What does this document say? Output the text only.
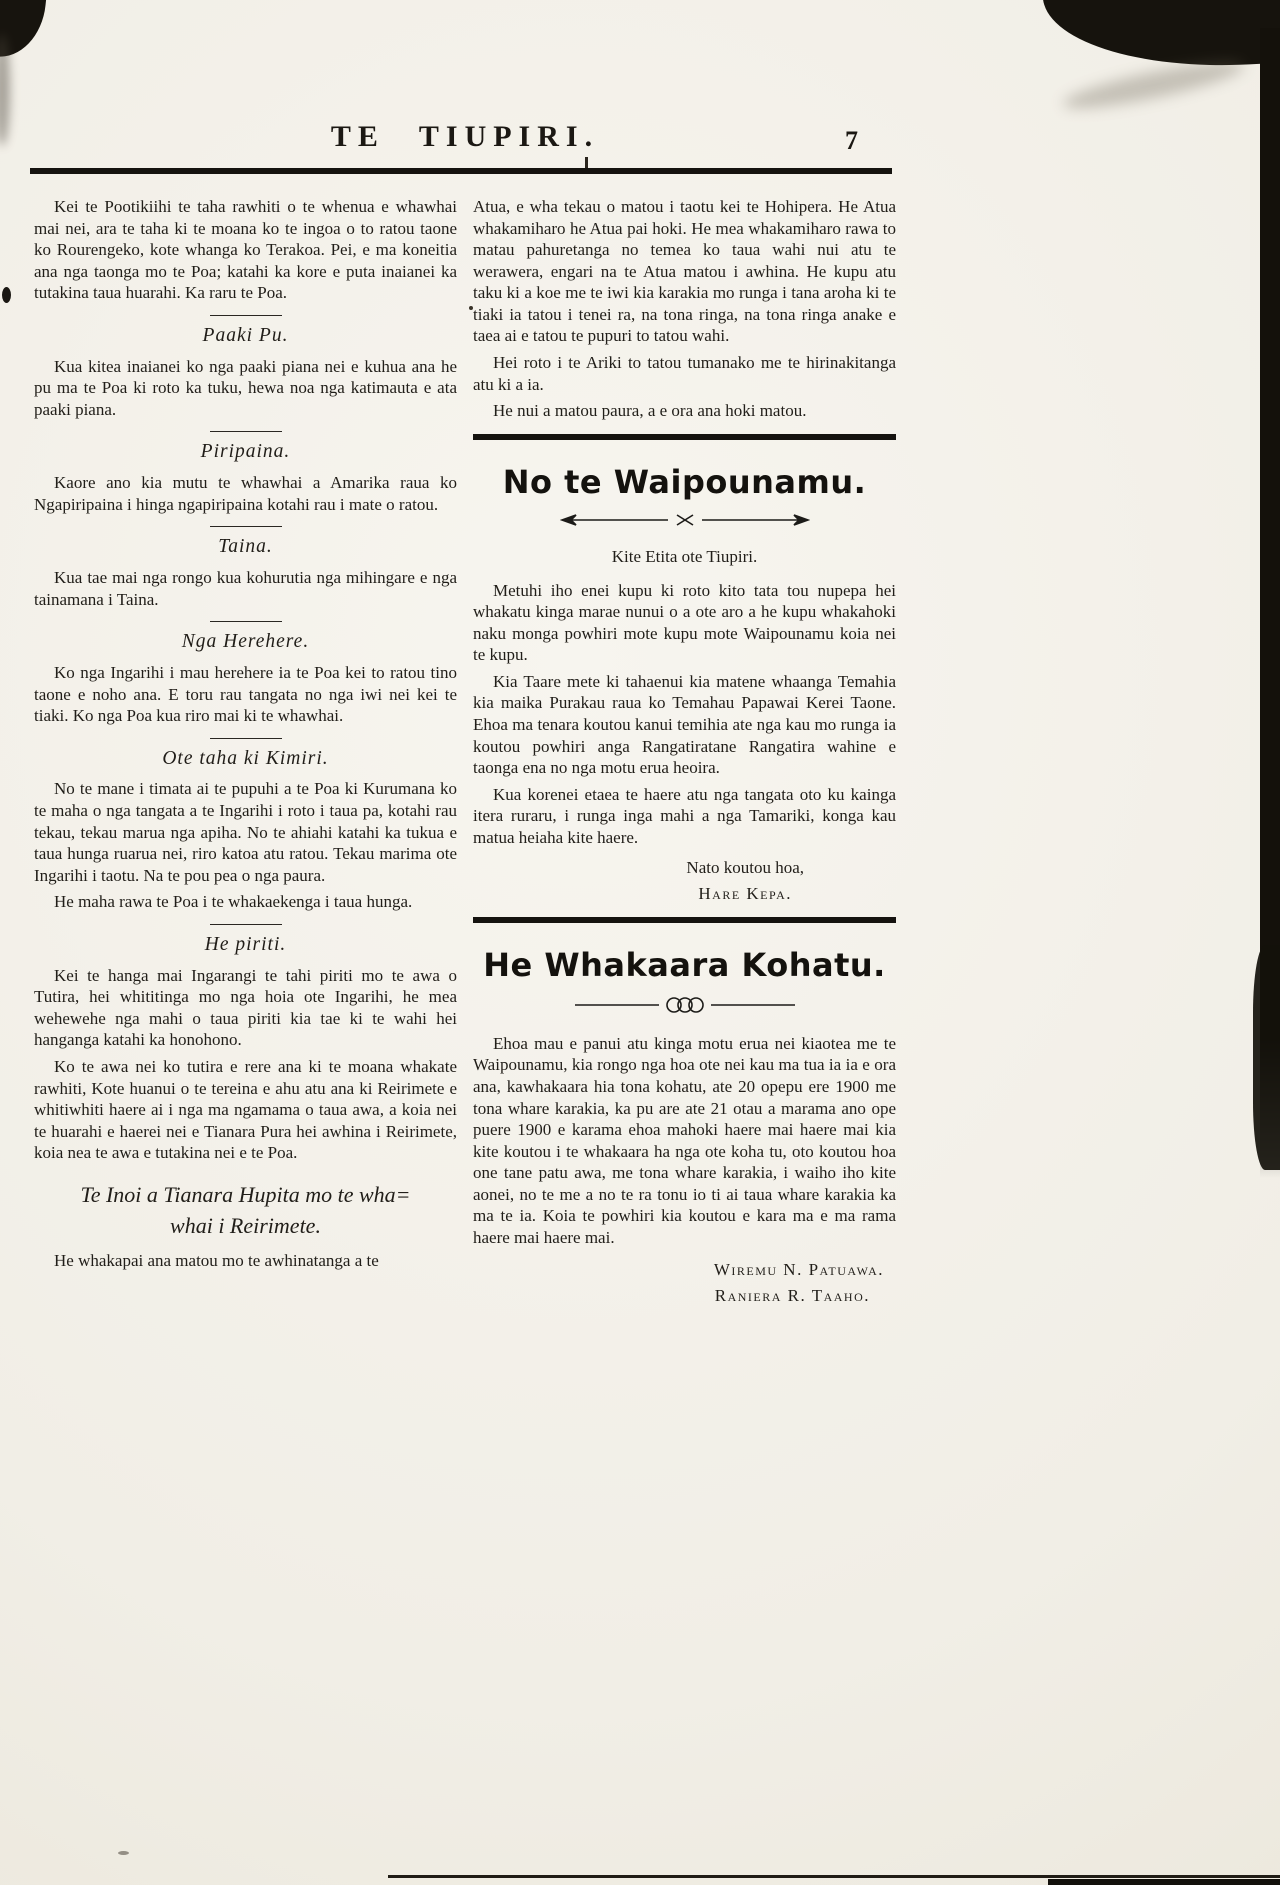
TE TIUPIRI.	7

Kei te Pootikiihi te taha rawhiti o te whenua e whawhai mai nei, ara te taha ki te moana ko te ingoa o to ratou taone ko Rourengeko, kote whanga ko Terakoa. Pei, e ma koneitia ana nga taonga mo te Poa; katahi ka kore e puta inaianei ka tutakina taua huarahi. Ka raru te Poa.

Paaki Pu.

Kua kitea inaianei ko nga paaki piana nei e kuhua ana he pu ma te Poa ki roto ka tuku, hewa noa nga katimauta e ata paaki piana.

Piripaina.

Kaore ano kia mutu te whawhai a Amarika raua ko Ngapiripaina i hinga ngapiripaina kotahi rau i mate o ratou.

Taina.

Kua tae mai nga rongo kua kohurutia nga mihingare e nga tainamana i Taina.

Nga Herehere.

Ko nga Ingarihi i mau herehere ia te Poa kei to ratou tino taone e noho ana. E toru rau tangata no nga iwi nei kei te tiaki. Ko nga Poa kua riro mai ki te whawhai.

Ote taha ki Kimiri.

No te mane i timata ai te pupuhi a te Poa ki Kurumana ko te maha o nga tangata a te Ingarihi i roto i taua pa, kotahi rau tekau, tekau marua nga apiha. No te ahiahi katahi ka tukua e taua hunga ruarua nei, riro katoa atu ratou. Tekau marima ote Ingarihi i taotu. Na te pou pea o nga paura.

He maha rawa te Poa i te whakaekenga i taua hunga.

He piriti.

Kei te hanga mai Ingarangi te tahi piriti mo te awa o Tutira, hei whititinga mo nga hoia ote Ingarihi, he mea wehewehe nga mahi o taua piriti kia tae ki te wahi hei hanganga katahi ka honohono.

Ko te awa nei ko tutira e rere ana ki te moana whakate rawhiti, Kote huanui o te tereina e ahu atu ana ki Reirimete e whitiwhiti haere ai i nga ma ngamama o taua awa, a koia nei te huarahi e haerei nei e Tianara Pura hei awhina i Reirimete, koia nea te awa e tutakina nei e te Poa.

Te Inoi a Tianara Hupita mo te wha=
whai i Reirimete.

He whakapai ana matou mo te awhinatanga a te

Atua, e wha tekau o matou i taotu kei te Hohipera. He Atua whakamiharo he Atua pai hoki. He mea whakamiharo rawa to matau pahuretanga no temea ko taua wahi nui atu te werawera, engari na te Atua matou i awhina. He kupu atu taku ki a koe me te iwi kia karakia mo runga i tana aroha ki te tiaki ia tatou i tenei ra, na tona ringa, na tona ringa anake e taea ai e tatou te pupuri to tatou wahi.

Hei roto i te Ariki to tatou tumanako me te hirinakitanga atu ki a ia.

He nui a matou paura, a e ora ana hoki matou.

No te Waipounamu.
Kite Etita ote Tiupiri.

Metuhi iho enei kupu ki roto kito tata tou nupepa hei whakatu kinga marae nunui o a ote aro a he kupu whakahoki naku monga powhiri mote kupu mote Waipounamu koia nei te kupu.

Kia Taare mete ki tahaenui kia matene whaanga Temahia kia maika Purakau raua ko Temahau Papawai Kerei Taone. Ehoa ma tenara koutou kanui temihia ate nga kau mo runga ia koutou powhiri anga Rangatiratane Rangatira wahine e taonga ena no nga motu erua heoira.

Kua korenei etaea te haere atu nga tangata oto ku kainga itera ruraru, i runga inga mahi a nga Tamariki, konga kau matua heiaha kite haere.

Nato koutou hoa,
Hare Kepa.
He Whakaara Kohatu.

Ehoa mau e panui atu kinga motu erua nei kiaotea me te Waipounamu, kia rongo nga hoa ote nei kau ma tua ia ia e ora ana, kawhakaara hia tona kohatu, ate 20 opepu ere 1900 me tona whare karakia, ka pu are ate 21 otau a marama ano ope puere 1900 e karama ehoa mahoki haere mai haere mai kia kite koutou i te whakaara ha nga ote koha tu, oto koutou hoa one tane patu awa, me tona whare karakia, i waiho iho kite aonei, no te me a no te ra tonu io ti ai taua whare karakia ka ma te ia. Koia te powhiri kia koutou e kara ma e ma rama haere mai haere mai.

Wiremu N. Patuawa.
Raniera R. Taaho.
